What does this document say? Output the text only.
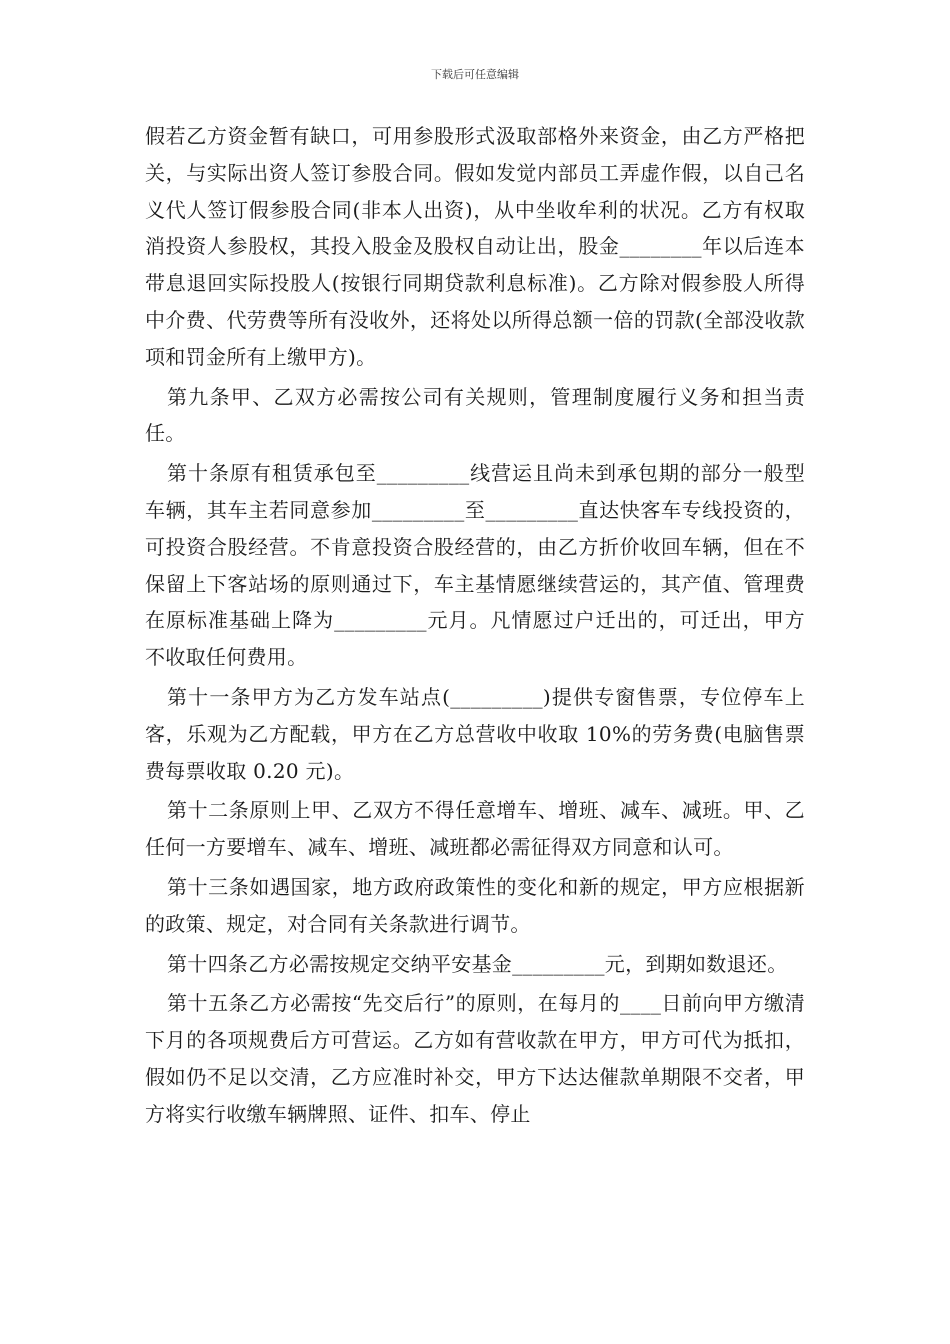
下载后可任意编辑

假若乙方资金暂有缺口，可用参股形式汲取部格外来资金，由乙方严格把关，与实际出资人签订参股合同。假如发觉内部员工弄虚作假，以自己名义代人签订假参股合同(非本人出资)，从中坐收牟利的状况。乙方有权取消投资人参股权，其投入股金及股权自动让出，股金________年以后连本带息退回实际投股人(按银行同期贷款利息标准)。乙方除对假参股人所得中介费、代劳费等所有没收外，还将处以所得总额一倍的罚款(全部没收款项和罚金所有上缴甲方)。

第九条甲、乙双方必需按公司有关规则，管理制度履行义务和担当责任。

第十条原有租赁承包至_________线营运且尚未到承包期的部分一般型车辆，其车主若同意参加_________至_________直达快客车专线投资的，可投资合股经营。不肯意投资合股经营的，由乙方折价收回车辆，但在不保留上下客站场的原则通过下，车主基情愿继续营运的，其产值、管理费在原标准基础上降为_________元月。凡情愿过户迁出的，可迁出，甲方不收取任何费用。

第十一条甲方为乙方发车站点(_________)提供专窗售票，专位停车上客，乐观为乙方配载，甲方在乙方总营收中收取 10%的劳务费(电脑售票费每票收取 0.20 元)。

第十二条原则上甲、乙双方不得任意增车、增班、减车、减班。甲、乙任何一方要增车、减车、增班、减班都必需征得双方同意和认可。

第十三条如遇国家，地方政府政策性的变化和新的规定，甲方应根据新的政策、规定，对合同有关条款进行调节。

第十四条乙方必需按规定交纳平安基金_________元，到期如数退还。

第十五条乙方必需按“先交后行”的原则，在每月的____日前向甲方缴清下月的各项规费后方可营运。乙方如有营收款在甲方，甲方可代为抵扣，假如仍不足以交清，乙方应准时补交，甲方下达达催款单期限不交者，甲方将实行收缴车辆牌照、证件、扣车、停止
